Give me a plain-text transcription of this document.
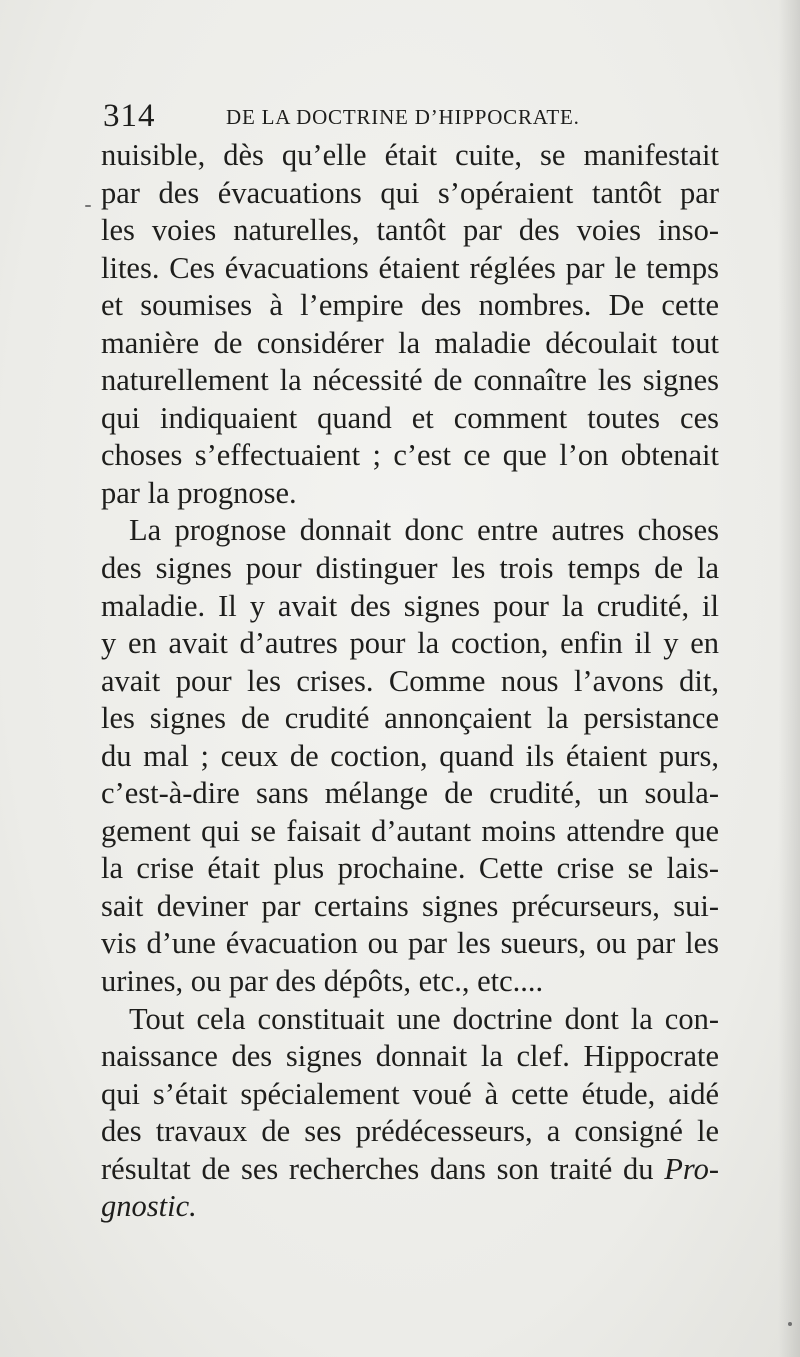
314	DE LA DOCTRINE D’HIPPOCRATE.
nuisible, dès qu’elle était cuite, se manifestait
par des évacuations qui s’opéraient tantôt par
les voies naturelles, tantôt par des voies inso-
lites. Ces évacuations étaient réglées par le temps
et soumises à l’empire des nombres. De cette
manière de considérer la maladie découlait tout
naturellement la nécessité de connaître les signes
qui indiquaient quand et comment toutes ces
choses s’effectuaient ; c’est ce que l’on obtenait
par la prognose.
La prognose donnait donc entre autres choses
des signes pour distinguer les trois temps de la
maladie. Il y avait des signes pour la crudité, il
y en avait d’autres pour la coction, enfin il y en
avait pour les crises. Comme nous l’avons dit,
les signes de crudité annonçaient la persistance
du mal ; ceux de coction, quand ils étaient purs,
c’est-à-dire sans mélange de crudité, un soula-
gement qui se faisait d’autant moins attendre que
la crise était plus prochaine. Cette crise se lais-
sait deviner par certains signes précurseurs, sui-
vis d’une évacuation ou par les sueurs, ou par les
urines, ou par des dépôts, etc., etc....
Tout cela constituait une doctrine dont la con-
naissance des signes donnait la clef. Hippocrate
qui s’était spécialement voué à cette étude, aidé
des travaux de ses prédécesseurs, a consigné le
résultat de ses recherches dans son traité du Pro-
gnostic.
